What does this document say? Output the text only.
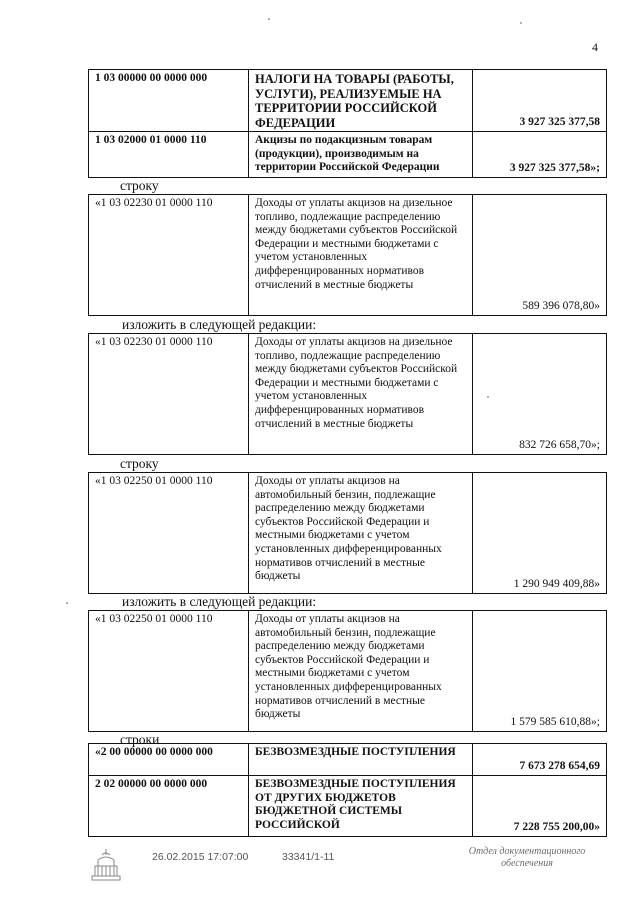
4
1 03 00000 00 0000 000	НАЛОГИ НА ТОВАРЫ (РАБОТЫ, УСЛУГИ), РЕАЛИЗУЕМЫЕ НА ТЕРРИТОРИИ РОССИЙСКОЙ ФЕДЕРАЦИИ	3 927 325 377,58
1 03 02000 01 0000 110	Акцизы по подакцизным товарам (продукции), производимым на территории Российской Федерации	3 927 325 377,58»;
строку
«1 03 02230 01 0000 110	Доходы от уплаты акцизов на дизельное топливо, подлежащие распределению между бюджетами субъектов Российской Федерации и местными бюджетами с учетом установленных дифференцированных нормативов отчислений в местные бюджеты	589 396 078,80»
изложить в следующей редакции:
«1 03 02230 01 0000 110	Доходы от уплаты акцизов на дизельное топливо, подлежащие распределению между бюджетами субъектов Российской Федерации и местными бюджетами с учетом установленных дифференцированных нормативов отчислений в местные бюджеты	832 726 658,70»;
строку
«1 03 02250 01 0000 110	Доходы от уплаты акцизов на автомобильный бензин, подлежащие распределению между бюджетами субъектов Российской Федерации и местными бюджетами с учетом установленных дифференцированных нормативов отчислений в местные бюджеты	1 290 949 409,88»
изложить в следующей редакции:
«1 03 02250 01 0000 110	Доходы от уплаты акцизов на автомобильный бензин, подлежащие распределению между бюджетами субъектов Российской Федерации и местными бюджетами с учетом установленных дифференцированных нормативов отчислений в местные бюджеты	1 579 585 610,88»;
строки
«2 00 00000 00 0000 000	БЕЗВОЗМЕЗДНЫЕ ПОСТУПЛЕНИЯ	7 673 278 654,69
2 02 00000 00 0000 000	БЕЗВОЗМЕЗДНЫЕ ПОСТУПЛЕНИЯ ОТ ДРУГИХ БЮДЖЕТОВ БЮДЖЕТНОЙ СИСТЕМЫ РОССИЙСКОЙ	7 228 755 200,00»
26.02.2015 17:07:00	33341/1-11	Отдел документационного обеспечения
